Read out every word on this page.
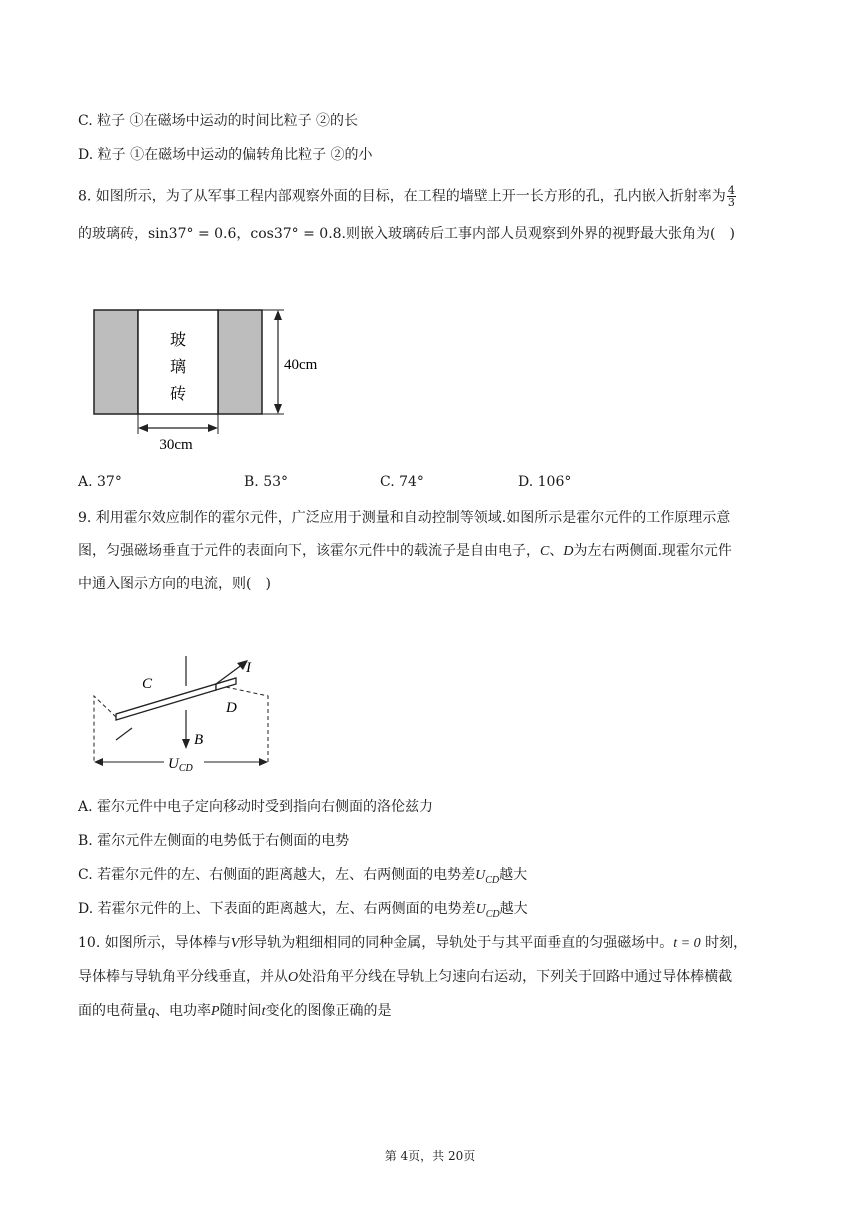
C. 粒子 ①在磁场中运动的时间比粒子 ②的长
D. 粒子 ①在磁场中运动的偏转角比粒子 ②的小
8. 如图所示，为了从军事工程内部观察外面的目标，在工程的墙壁上开一长方形的孔，孔内嵌入折射率为 $\frac{4}{3}$
的玻璃砖，sin37° = 0.6，cos37° = 0.8.则嵌入玻璃砖后工事内部人员观察到外界的视野最大张角为(　)
玻
璃
砖
40cm
30cm
A. 37°	B. 53°	C. 74°	D. 106°
9. 利用霍尔效应制作的霍尔元件，广泛应用于测量和自动控制等领域.如图所示是霍尔元件的工作原理示意
图，匀强磁场垂直于元件的表面向下，该霍尔元件中的载流子是自由电子，C、D为左右两侧面.现霍尔元件
中通入图示方向的电流，则(　)
I
B
C
D
$U_{CD}$
A. 霍尔元件中电子定向移动时受到指向右侧面的洛伦兹力
B. 霍尔元件左侧面的电势低于右侧面的电势
C. 若霍尔元件的左、右侧面的距离越大，左、右两侧面的电势差$U_{CD}$越大
D. 若霍尔元件的上、下表面的距离越大，左、右两侧面的电势差$U_{CD}$越大
10. 如图所示，导体棒与V形导轨为粗细相同的同种金属，导轨处于与其平面垂直的匀强磁场中。t = 0 时刻，
导体棒与导轨角平分线垂直，并从O处沿角平分线在导轨上匀速向右运动，下列关于回路中通过导体棒横截
面的电荷量q、电功率P随时间t变化的图像正确的是
第 4页，共 20页
